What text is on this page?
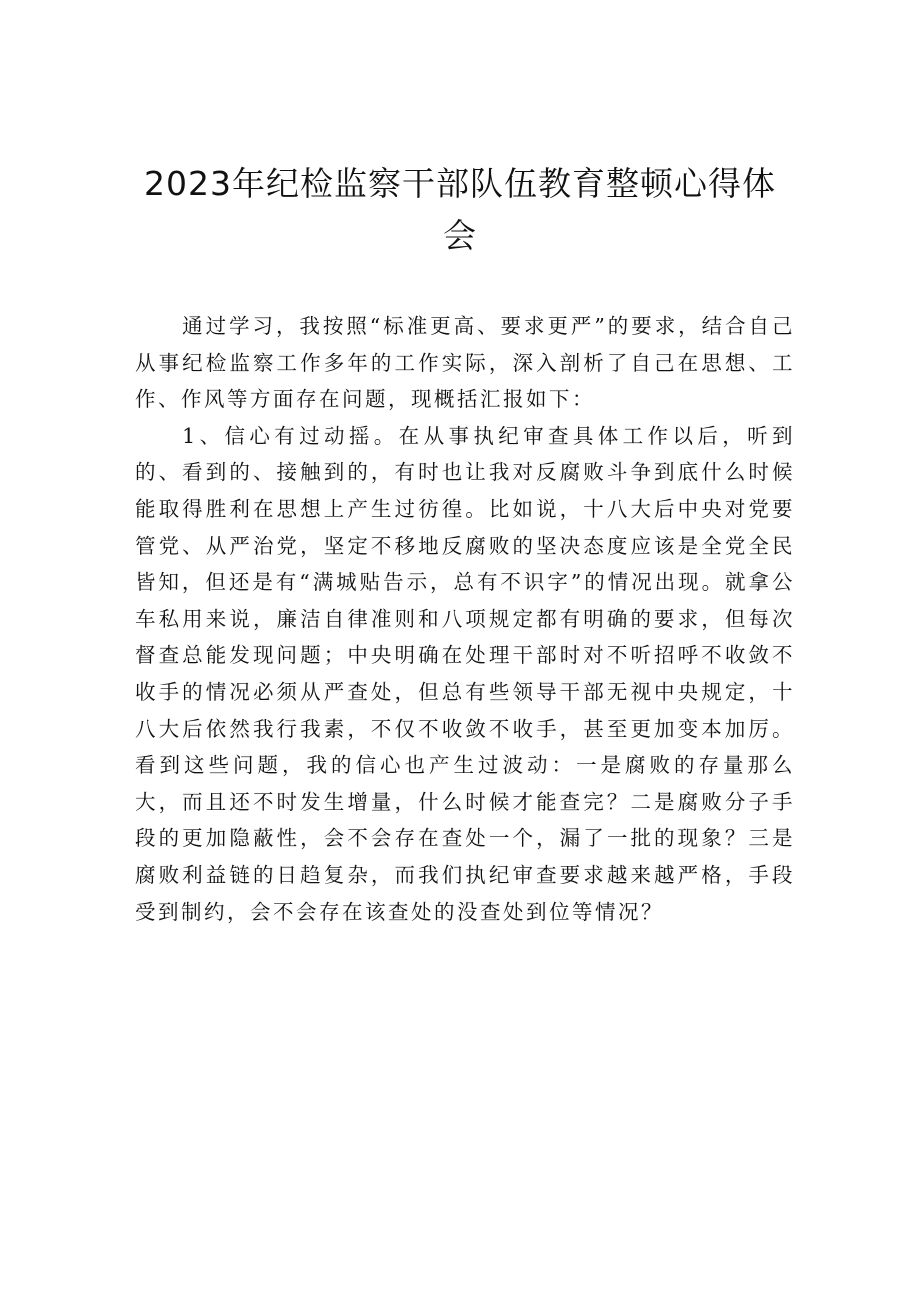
2023年纪检监察干部队伍教育整顿心得体会

通过学习，我按照“标准更高、要求更严”的要求，结合自己从事纪检监察工作多年的工作实际，深入剖析了自己在思想、工作、作风等方面存在问题，现概括汇报如下：

1、信心有过动摇。在从事执纪审查具体工作以后，听到的、看到的、接触到的，有时也让我对反腐败斗争到底什么时候能取得胜利在思想上产生过彷徨。比如说，十八大后中央对党要管党、从严治党，坚定不移地反腐败的坚决态度应该是全党全民皆知，但还是有“满城贴告示，总有不识字”的情况出现。就拿公车私用来说，廉洁自律准则和八项规定都有明确的要求，但每次督查总能发现问题；中央明确在处理干部时对不听招呼不收敛不收手的情况必须从严查处，但总有些领导干部无视中央规定，十八大后依然我行我素，不仅不收敛不收手，甚至更加变本加厉。看到这些问题，我的信心也产生过波动：一是腐败的存量那么大，而且还不时发生增量，什么时候才能查完？二是腐败分子手段的更加隐蔽性，会不会存在查处一个，漏了一批的现象？三是腐败利益链的日趋复杂，而我们执纪审查要求越来越严格，手段受到制约，会不会存在该查处的没查处到位等情况？
